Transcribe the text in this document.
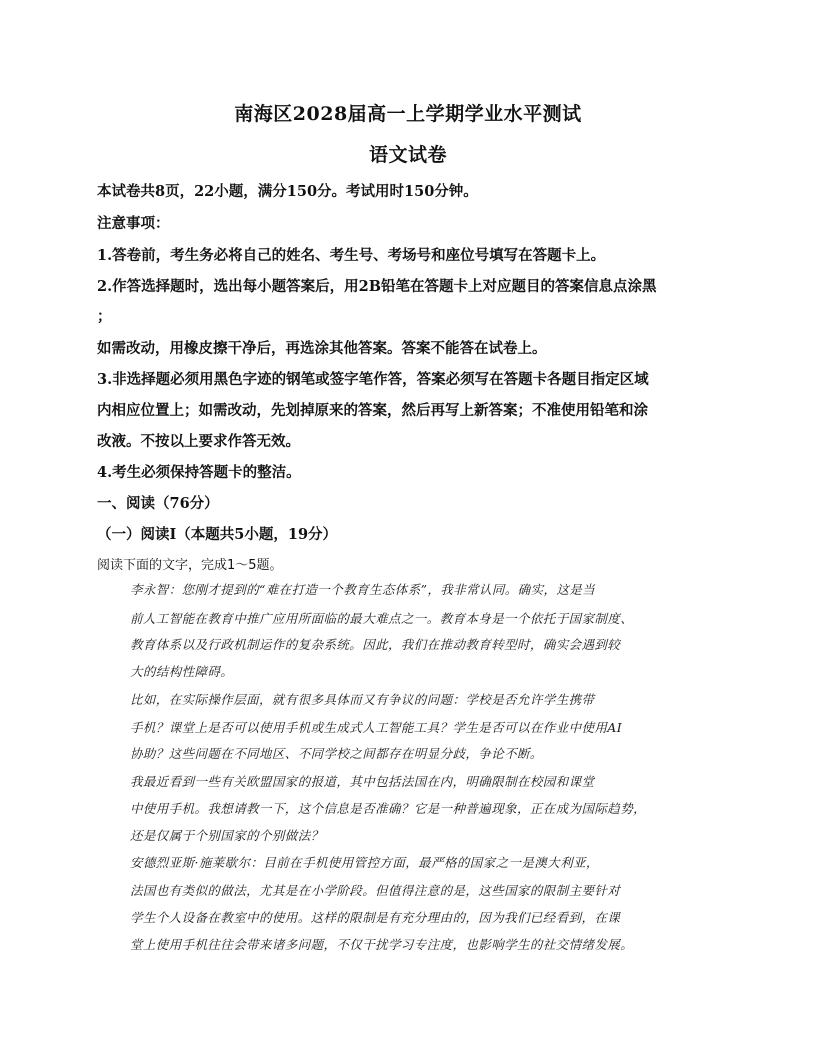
南海区2028届高一上学期学业水平测试
语文试卷
本试卷共8页，22小题，满分150分。考试用时150分钟。
注意事项：
1.答卷前，考生务必将自己的姓名、考生号、考场号和座位号填写在答题卡上。
2.作答选择题时，选出每小题答案后，用2B铅笔在答题卡上对应题目的答案信息点涂黑
；
如需改动，用橡皮擦干净后，再选涂其他答案。答案不能答在试卷上。
3.非选择题必须用黑色字迹的钢笔或签字笔作答，答案必须写在答题卡各题目指定区域
内相应位置上；如需改动，先划掉原来的答案，然后再写上新答案；不准使用铅笔和涂
改液。不按以上要求作答无效。
4.考生必须保持答题卡的整洁。
一、阅读（76分）
（一）阅读Ⅰ（本题共5小题，19分）
阅读下面的文字，完成1～5题。
李永智：您刚才提到的“难在打造一个教育生态体系”，我非常认同。确实，这是当
前人工智能在教育中推广应用所面临的最大难点之一。教育本身是一个依托于国家制度、
教育体系以及行政机制运作的复杂系统。因此，我们在推动教育转型时，确实会遇到较
大的结构性障碍。
比如，在实际操作层面，就有很多具体而又有争议的问题：学校是否允许学生携带
手机？课堂上是否可以使用手机或生成式人工智能工具？学生是否可以在作业中使用AI
协助？这些问题在不同地区、不同学校之间都存在明显分歧，争论不断。
我最近看到一些有关欧盟国家的报道，其中包括法国在内，明确限制在校园和课堂
中使用手机。我想请教一下，这个信息是否准确？它是一种普遍现象，正在成为国际趋势，
还是仅属于个别国家的个别做法？
安德烈亚斯·施莱歇尔：目前在手机使用管控方面，最严格的国家之一是澳大利亚，
法国也有类似的做法，尤其是在小学阶段。但值得注意的是，这些国家的限制主要针对
学生个人设备在教室中的使用。这样的限制是有充分理由的，因为我们已经看到，在课
堂上使用手机往往会带来诸多问题，不仅干扰学习专注度，也影响学生的社交情绪发展。
